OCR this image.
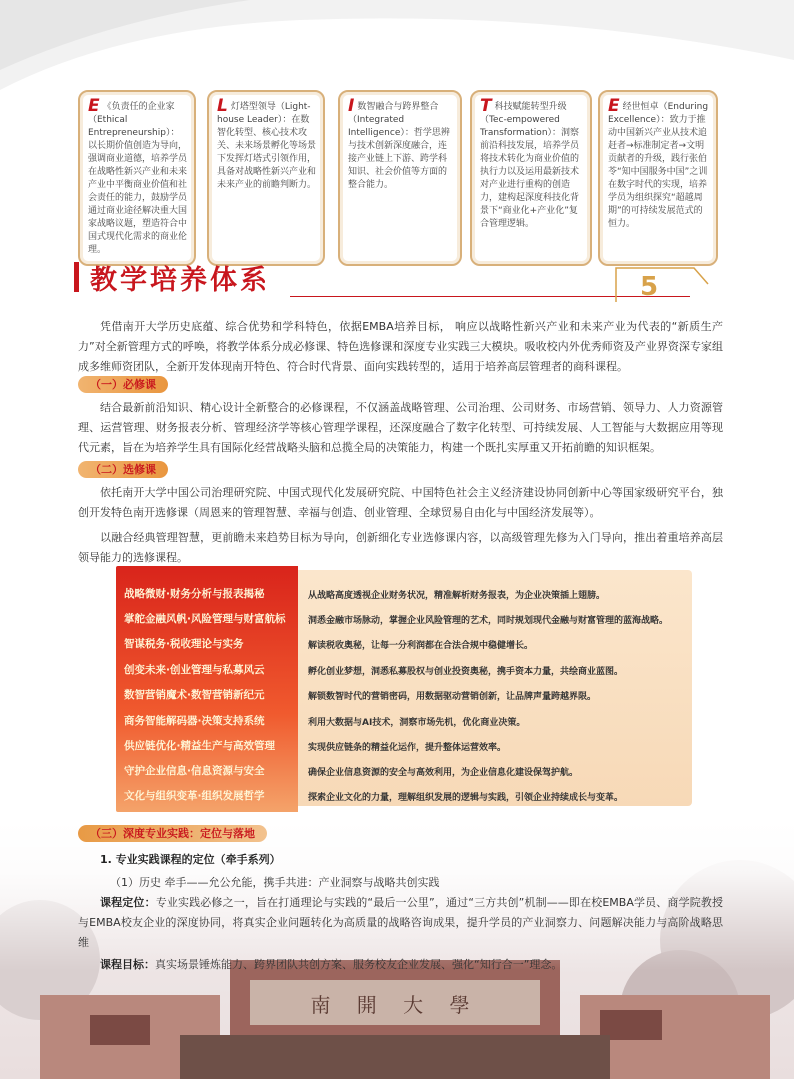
E 《负责任的企业家（Ethical Entrepreneurship）：以长期价值创造为导向，强调商业道德，培养学员在战略性新兴产业和未来产业中平衡商业价值和社会责任的能力，鼓励学员通过商业途径解决重大国家战略议题，塑造符合中国式现代化需求的商业伦理。
L灯塔型领导（Light-house Leader）：在数智化转型、核心技术攻关、未来场景孵化等场景下发挥灯塔式引领作用，具备对战略性新兴产业和未来产业的前瞻判断力。
I数智融合与跨界整合（Integrated Intelligence）：哲学思辨与技术创新深度融合，连接产业链上下游、跨学科知识、社会价值等方面的整合能力。
T科技赋能转型升级（Tec-empowered Transformation）：洞察前沿科技发展，培养学员将技术转化为商业价值的执行力以及运用最新技术对产业进行重构的创造力，建构起深度科技化背景下“商业化+产业化”复合管理逻辑。
E经世恒卓（Enduring Excellence）：致力于推动中国新兴产业从技术追赶者→标准制定者→文明贡献者的升级，践行张伯苓“知中国服务中国”之训在数字时代的实现，培养学员为组织探究“超越周期”的可持续发展范式的恒力。
教学培养体系	5
凭借南开大学历史底蕴、综合优势和学科特色，依据EMBA培养目标， 响应以战略性新兴产业和未来产业为代表的“新质生产力”对全新管理方式的呼唤，将教学体系分成必修课、特色选修课和深度专业实践三大模块。吸收校内外优秀师资及产业界资深专家组成多维师资团队，全新开发体现南开特色、符合时代背景、面向实践转型的，适用于培养高层管理者的商科课程。
（一）必修课
结合最新前沿知识、精心设计全新整合的必修课程，不仅涵盖战略管理、公司治理、公司财务、市场营销、领导力、人力资源管理、运营管理、财务报表分析、管理经济学等核心管理学课程，还深度融合了数字化转型、可持续发展、人工智能与大数据应用等现代元素，旨在为培养学生具有国际化经营战略头脑和总揽全局的决策能力，构建一个既扎实厚重又开拓前瞻的知识框架。
（二）选修课
依托南开大学中国公司治理研究院、中国式现代化发展研究院、中国特色社会主义经济建设协同创新中心等国家级研究平台，独创开发特色南开选修课（周恩来的管理智慧、幸福与创造、创业管理、全球贸易自由化与中国经济发展等）。
以融合经典管理智慧，更前瞻未来趋势目标为导向，创新细化专业选修课内容，以高级管理先修为入门导向，推出着重培养高层领导能力的选修课程。
战略微财·财务分析与报表揭秘	从战略高度透视企业财务状况，精准解析财务报表，为企业决策插上翅膀。
掌舵金融风帆·风险管理与财富航标	洞悉金融市场脉动，掌握企业风险管理的艺术，同时规划现代金融与财富管理的蓝海战略。
智谋税务·税收理论与实务	解读税收奥秘，让每一分利润都在合法合规中稳健增长。
创变未来·创业管理与私募风云	孵化创业梦想，洞悉私募股权与创业投资奥秘，携手资本力量，共绘商业蓝图。
数智营销魔术·数智营销新纪元	解锁数智时代的营销密码，用数据驱动营销创新，让品牌声量跨越界限。
商务智能解码器·决策支持系统	利用大数据与AI技术，洞察市场先机，优化商业决策。
供应链优化·精益生产与高效管理	实现供应链条的精益化运作，提升整体运营效率。
守护企业信息·信息资源与安全	确保企业信息资源的安全与高效利用，为企业信息化建设保驾护航。
文化与组织变革·组织发展哲学	探索企业文化的力量，理解组织发展的逻辑与实践，引领企业持续成长与变革。
南 開 大 學
（三）深度专业实践：定位与落地
1. 专业实践课程的定位（牵手系列）
（1）历史 牵手——允公允能，携手共进：产业洞察与战略共创实践
课程定位：专业实践必修之一，旨在打通理论与实践的“最后一公里”，通过“三方共创”机制——即在校EMBA学员、商学院教授与EMBA校友企业的深度协同，将真实企业问题转化为高质量的战略咨询成果，提升学员的产业洞察力、问题解决能力与高阶战略思维
课程目标：真实场景锤炼能力、跨界团队共创方案、服务校友企业发展、强化“知行合一”理念。
